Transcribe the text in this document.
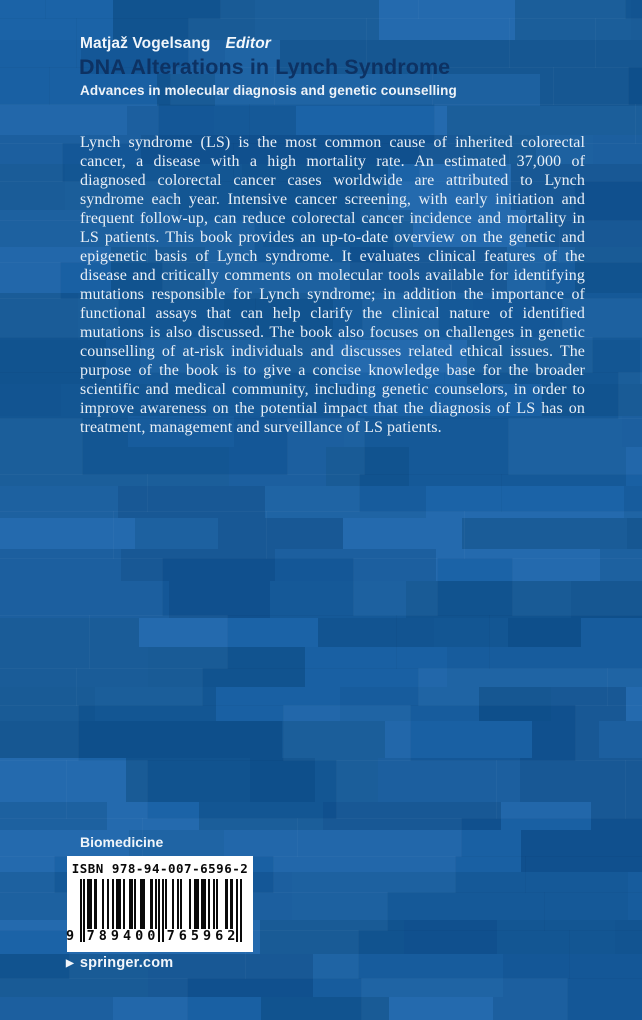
Matjaž Vogelsang Editor
DNA Alterations in Lynch Syndrome
Advances in molecular diagnosis and genetic counselling
Lynch syndrome (LS) is the most common cause of inherited colorectal cancer, a disease with a high mortality rate. An estimated 37,000 of diagnosed colorectal cancer cases worldwide are attributed to Lynch syndrome each year. Intensive cancer screening, with early initiation and frequent follow-up, can reduce colorectal cancer incidence and mortality in LS patients. This book provides an up-to-date overview on the genetic and epigenetic basis of Lynch syndrome. It evaluates clinical features of the disease and critically comments on molecular tools available for identifying mutations responsible for Lynch syndrome; in addition the importance of functional assays that can help clarify the clinical nature of identified mutations is also discussed. The book also focuses on challenges in genetic counselling of at-risk individuals and discusses related ethical issues. The purpose of the book is to give a concise knowledge base for the broader scientific and medical community, including genetic counselors, in order to improve awareness on the potential impact that the diagnosis of LS has on treatment, management and surveillance of LS patients.
Biomedicine
ISBN 978-94-007-6596-2
9 789400 765962
▶ springer.com
